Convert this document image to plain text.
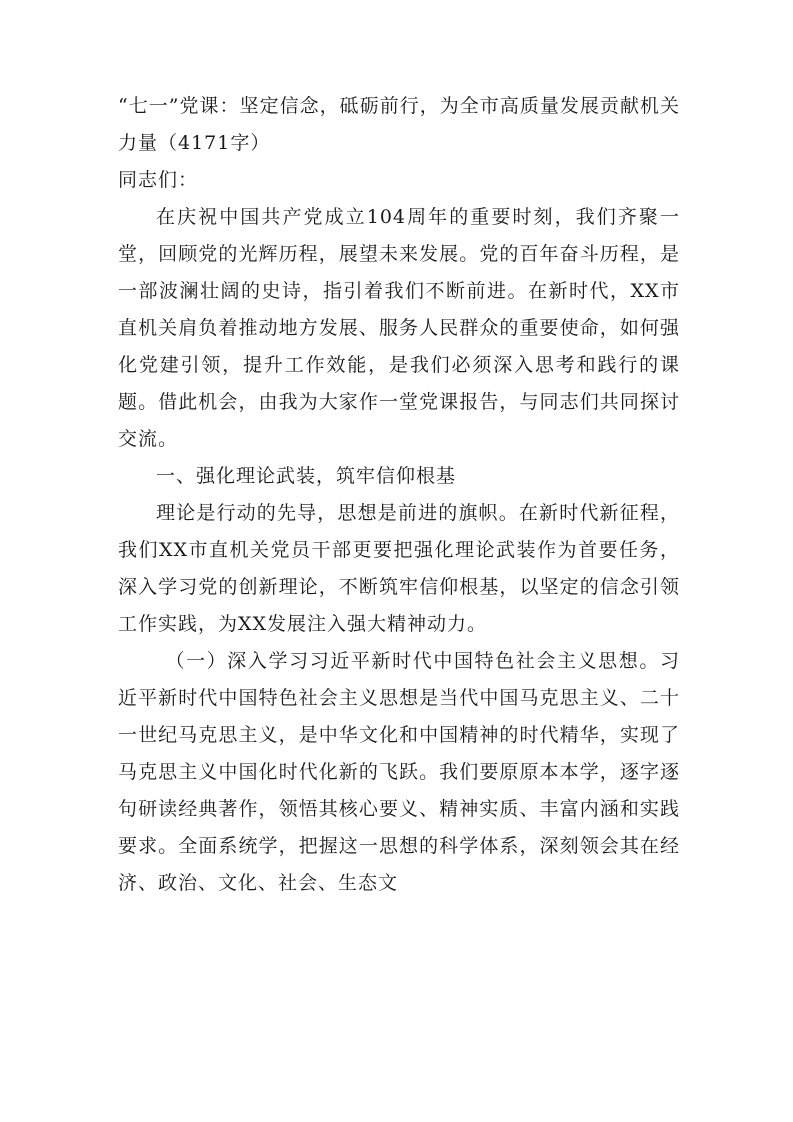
“七一”党课：坚定信念，砥砺前行，为全市高质量发展贡献机关力量（4171字）

同志们：

在庆祝中国共产党成立104周年的重要时刻，我们齐聚一堂，回顾党的光辉历程，展望未来发展。党的百年奋斗历程，是一部波澜壮阔的史诗，指引着我们不断前进。在新时代，XX市直机关肩负着推动地方发展、服务人民群众的重要使命，如何强化党建引领，提升工作效能，是我们必须深入思考和践行的课题。借此机会，由我为大家作一堂党课报告，与同志们共同探讨交流。

一、强化理论武装，筑牢信仰根基

理论是行动的先导，思想是前进的旗帜。在新时代新征程，我们XX市直机关党员干部更要把强化理论武装作为首要任务，深入学习党的创新理论，不断筑牢信仰根基，以坚定的信念引领工作实践，为XX发展注入强大精神动力。

（一）深入学习习近平新时代中国特色社会主义思想。习近平新时代中国特色社会主义思想是当代中国马克思主义、二十一世纪马克思主义，是中华文化和中国精神的时代精华，实现了马克思主义中国化时代化新的飞跃。我们要原原本本学，逐字逐句研读经典著作，领悟其核心要义、精神实质、丰富内涵和实践要求。全面系统学，把握这一思想的科学体系，深刻领会其在经济、政治、文化、社会、生态文
